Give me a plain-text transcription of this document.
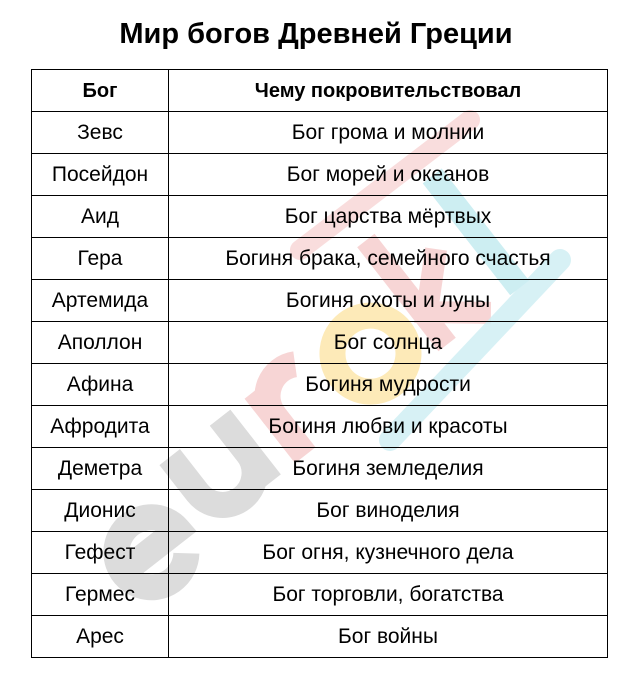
Мир богов Древней Греции
Бог	Чему покровительствовал
Зевс	Бог грома и молнии
Посейдон	Бог морей и океанов
Аид	Бог царства мёртвых
Гера	Богиня брака, семейного счастья
Артемида	Богиня охоты и луны
Аполлон	Бог солнца
Афина	Богиня мудрости
Афродита	Богиня любви и красоты
Деметра	Богиня земледелия
Дионис	Бог виноделия
Гефест	Бог огня, кузнечного дела
Гермес	Бог торговли, богатства
Арес	Бог войны
